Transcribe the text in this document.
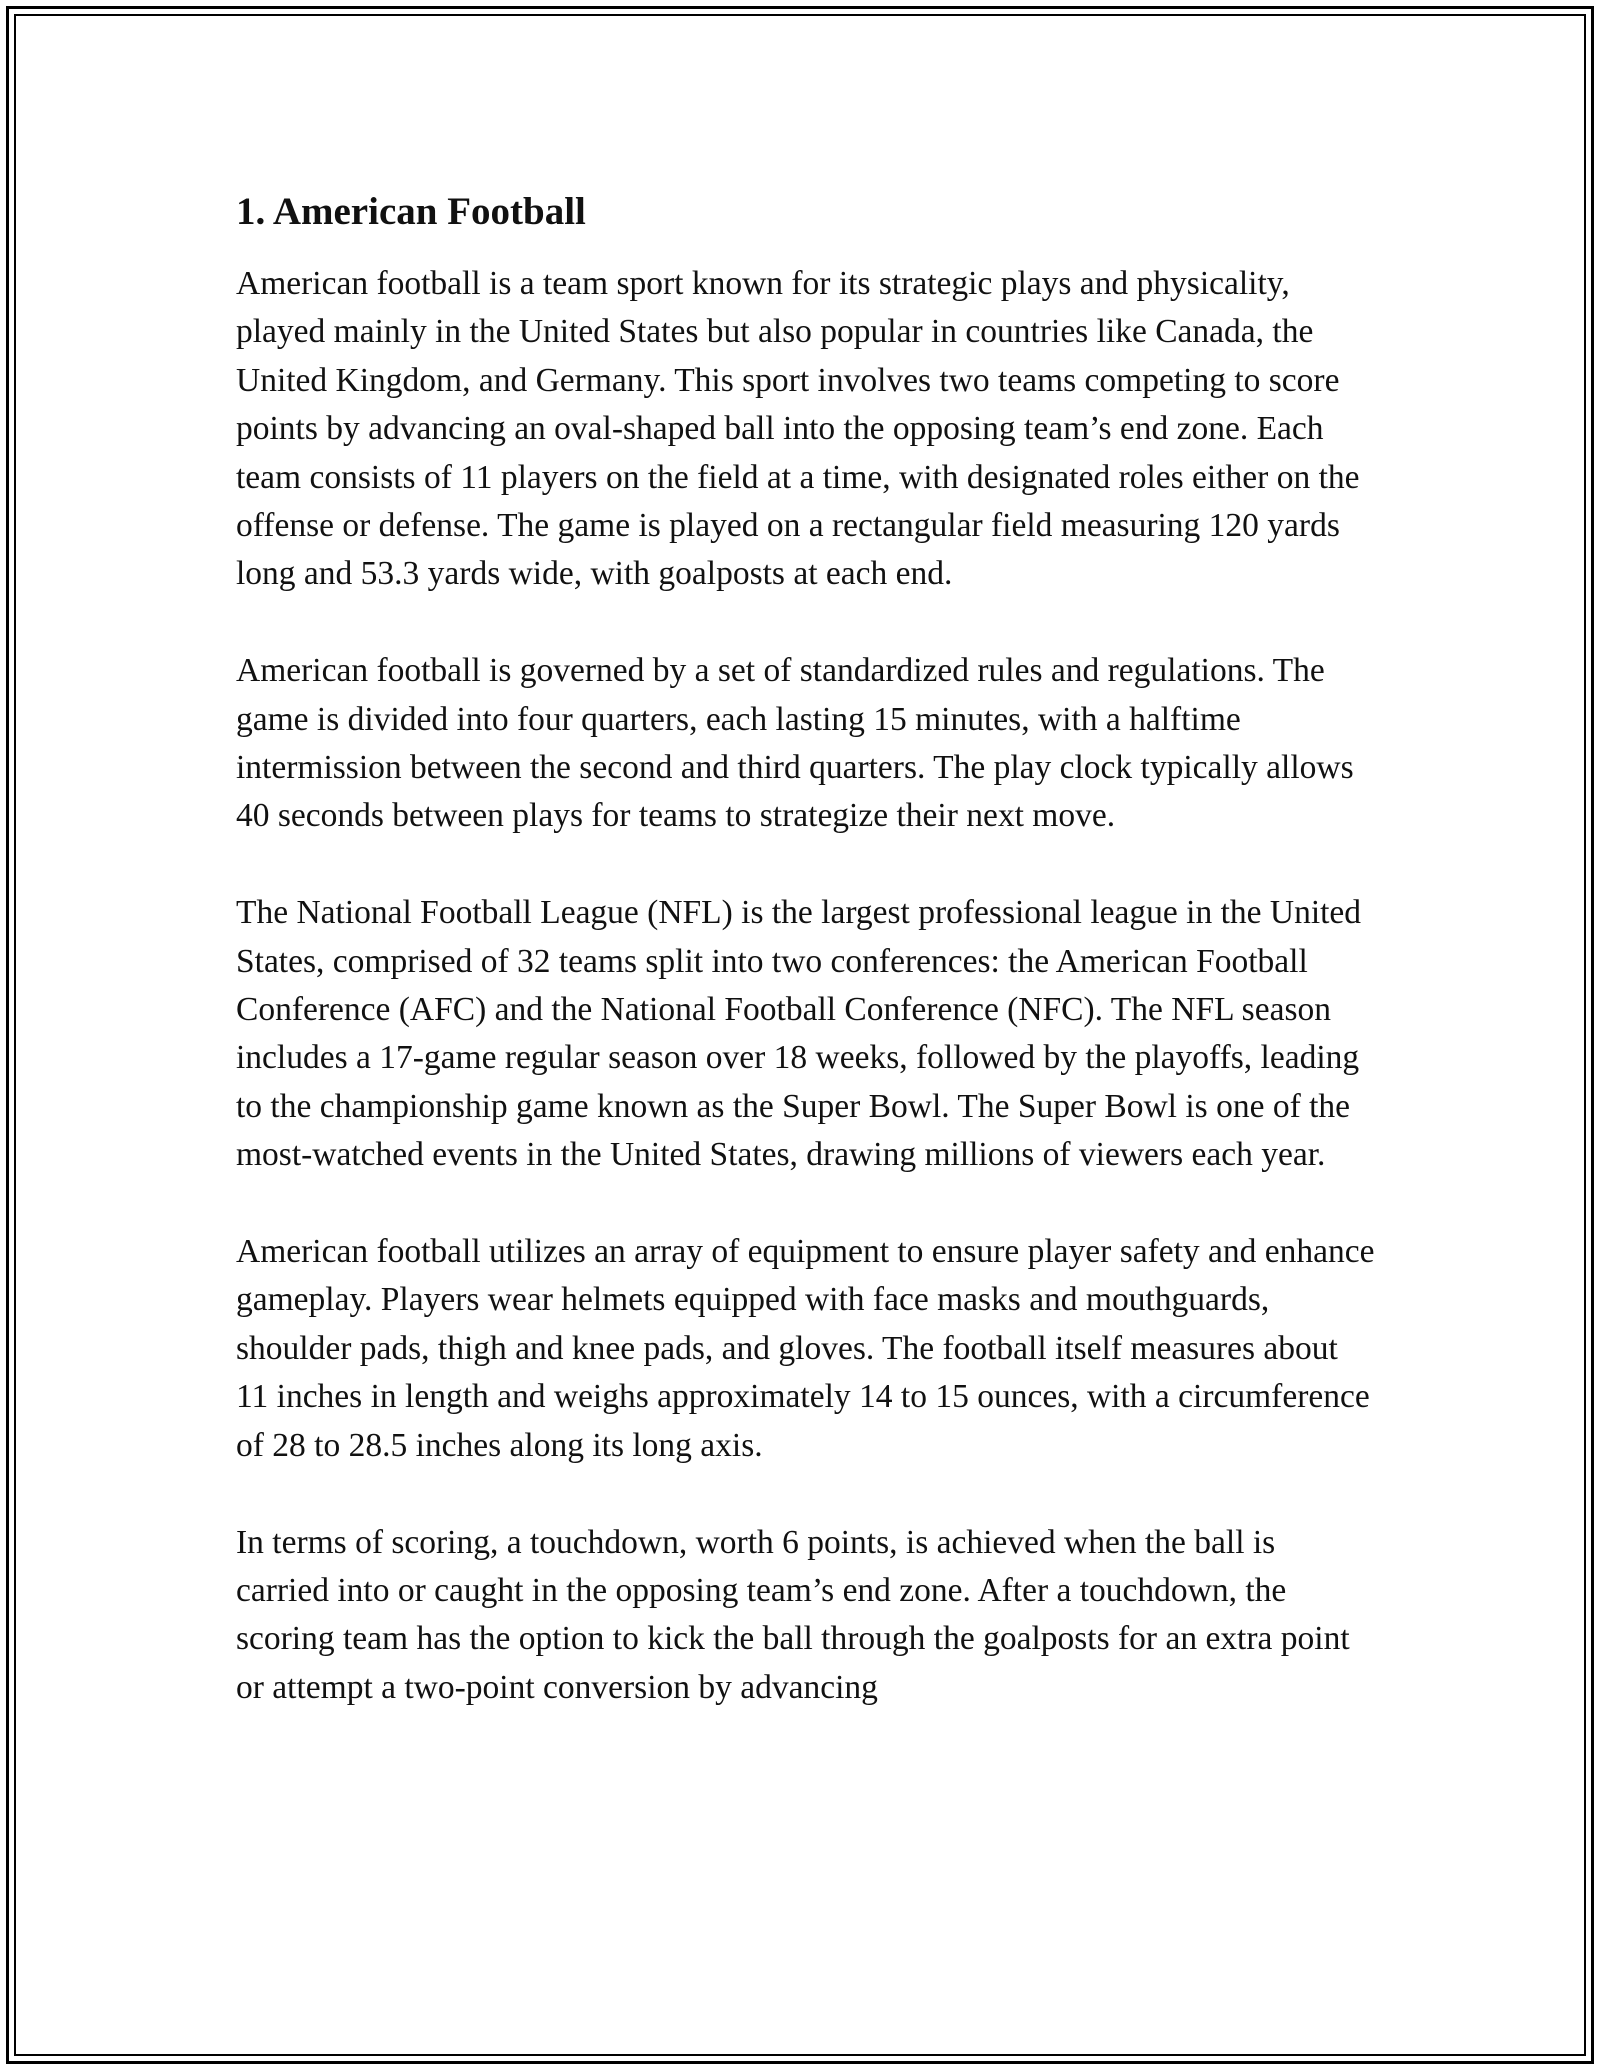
1. American Football

American football is a team sport known for its strategic plays and physicality, played mainly in the United States but also popular in countries like Canada, the United Kingdom, and Germany. This sport involves two teams competing to score points by advancing an oval-shaped ball into the opposing team’s end zone. Each team consists of 11 players on the field at a time, with designated roles either on the offense or defense. The game is played on a rectangular field measuring 120 yards long and 53.3 yards wide, with goalposts at each end.

American football is governed by a set of standardized rules and regulations. The game is divided into four quarters, each lasting 15 minutes, with a halftime intermission between the second and third quarters. The play clock typically allows 40 seconds between plays for teams to strategize their next move.

The National Football League (NFL) is the largest professional league in the United States, comprised of 32 teams split into two conferences: the American Football Conference (AFC) and the National Football Conference (NFC). The NFL season includes a 17-game regular season over 18 weeks, followed by the playoffs, leading to the championship game known as the Super Bowl. The Super Bowl is one of the most-watched events in the United States, drawing millions of viewers each year.

American football utilizes an array of equipment to ensure player safety and enhance gameplay. Players wear helmets equipped with face masks and mouthguards, shoulder pads, thigh and knee pads, and gloves. The football itself measures about 11 inches in length and weighs approximately 14 to 15 ounces, with a circumference of 28 to 28.5 inches along its long axis.

In terms of scoring, a touchdown, worth 6 points, is achieved when the ball is carried into or caught in the opposing team’s end zone. After a touchdown, the scoring team has the option to kick the ball through the goalposts for an extra point or attempt a two-point conversion by advancing
